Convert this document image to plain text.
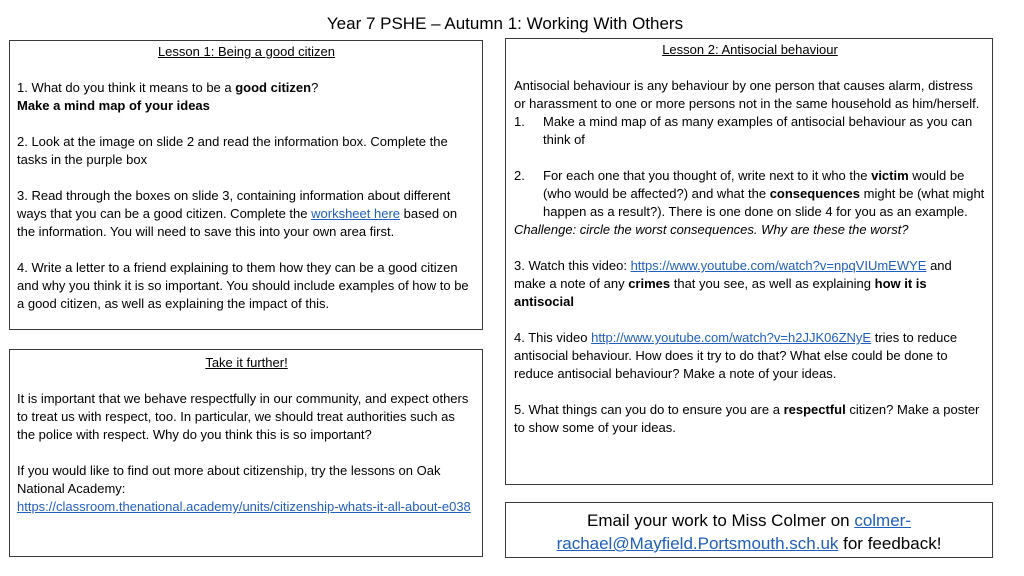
Year 7 PSHE – Autumn 1: Working With Others
Lesson 1: Being a good citizen
1. What do you think it means to be a good citizen?
Make a mind map of your ideas
2. Look at the image on slide 2 and read the information box. Complete the tasks in the purple box
3. Read through the boxes on slide 3, containing information about different ways that you can be a good citizen. Complete the worksheet here based on the information. You will need to save this into your own area first.
4. Write a letter to a friend explaining to them how they can be a good citizen and why you think it is so important. You should include examples of how to be a good citizen, as well as explaining the impact of this.
Take it further!
It is important that we behave respectfully in our community, and expect others to treat us with respect, too. In particular, we should treat authorities such as the police with respect. Why do you think this is so important?
If you would like to find out more about citizenship, try the lessons on Oak National Academy:
https://classroom.thenational.academy/units/citizenship-whats-it-all-about-e038
Lesson 2: Antisocial behaviour
Antisocial behaviour is any behaviour by one person that causes alarm, distress or harassment to one or more persons not in the same household as him/herself.
1.	Make a mind map of as many examples of antisocial behaviour as you can think of
2.	For each one that you thought of, write next to it who the victim would be (who would be affected?) and what the consequences might be (what might happen as a result?). There is one done on slide 4 for you as an example.
Challenge: circle the worst consequences. Why are these the worst?
3. Watch this video: https://www.youtube.com/watch?v=npqVIUmEWYE and make a note of any crimes that you see, as well as explaining how it is antisocial
4. This video http://www.youtube.com/watch?v=h2JJK06ZNyE tries to reduce antisocial behaviour. How does it try to do that? What else could be done to reduce antisocial behaviour? Make a note of your ideas.
5. What things can you do to ensure you are a respectful citizen? Make a poster to show some of your ideas.
Email your work to Miss Colmer on colmer-rachael@Mayfield.Portsmouth.sch.uk for feedback!
